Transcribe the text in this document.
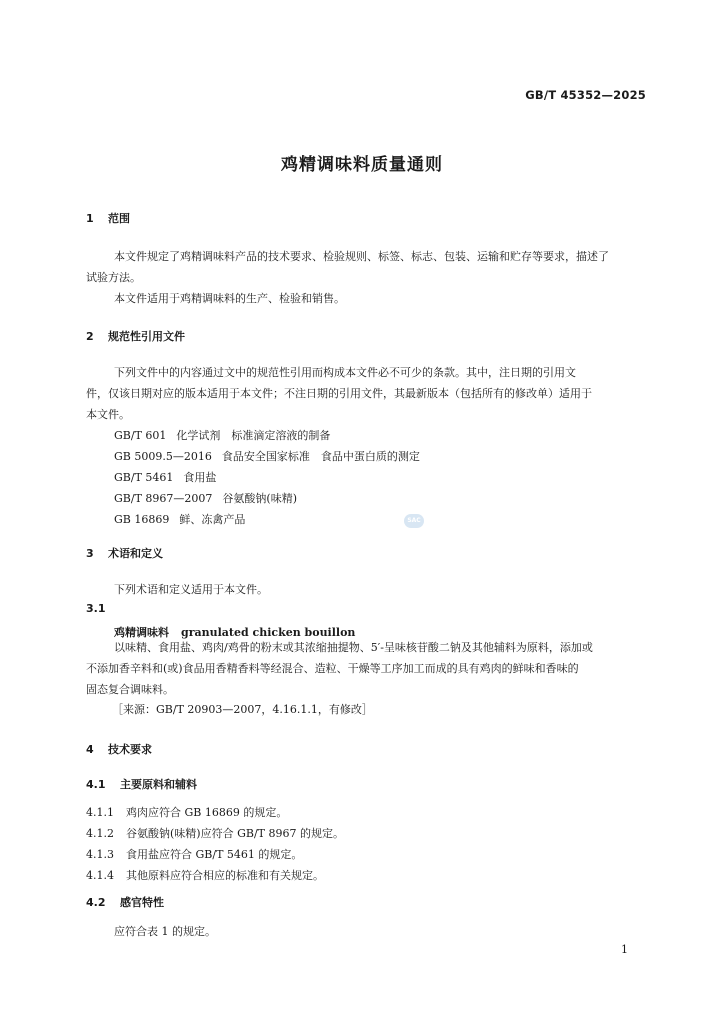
GB/T 45352—2025
鸡精调味料质量通则
1 范围
本文件规定了鸡精调味料产品的技术要求、检验规则、标签、标志、包装、运输和贮存等要求，描述了
试验方法。
本文件适用于鸡精调味料的生产、检验和销售。
2 规范性引用文件
下列文件中的内容通过文中的规范性引用而构成本文件必不可少的条款。其中，注日期的引用文
件，仅该日期对应的版本适用于本文件；不注日期的引用文件，其最新版本（包括所有的修改单）适用于
本文件。
GB/T 601 化学试剂　标准滴定溶液的制备
GB 5009.5—2016 食品安全国家标准　食品中蛋白质的测定
GB/T 5461 食用盐
GB/T 8967—2007 谷氨酸钠(味精)
GB 16869 鲜、冻禽产品	SAC
3 术语和定义
下列术语和定义适用于本文件。
3.1
鸡精调味料 granulated chicken bouillon
以味精、食用盐、鸡肉/鸡骨的粉末或其浓缩抽提物、5′-呈味核苷酸二钠及其他辅料为原料，添加或
不添加香辛料和(或)食品用香精香料等经混合、造粒、干燥等工序加工而成的具有鸡肉的鲜味和香味的
固态复合调味料。
［来源：GB/T 20903—2007，4.16.1.1，有修改］
4 技术要求
4.1 主要原料和辅料
4.1.1 鸡肉应符合 GB 16869 的规定。
4.1.2 谷氨酸钠(味精)应符合 GB/T 8967 的规定。
4.1.3 食用盐应符合 GB/T 5461 的规定。
4.1.4 其他原料应符合相应的标准和有关规定。
4.2 感官特性
应符合表 1 的规定。
1
